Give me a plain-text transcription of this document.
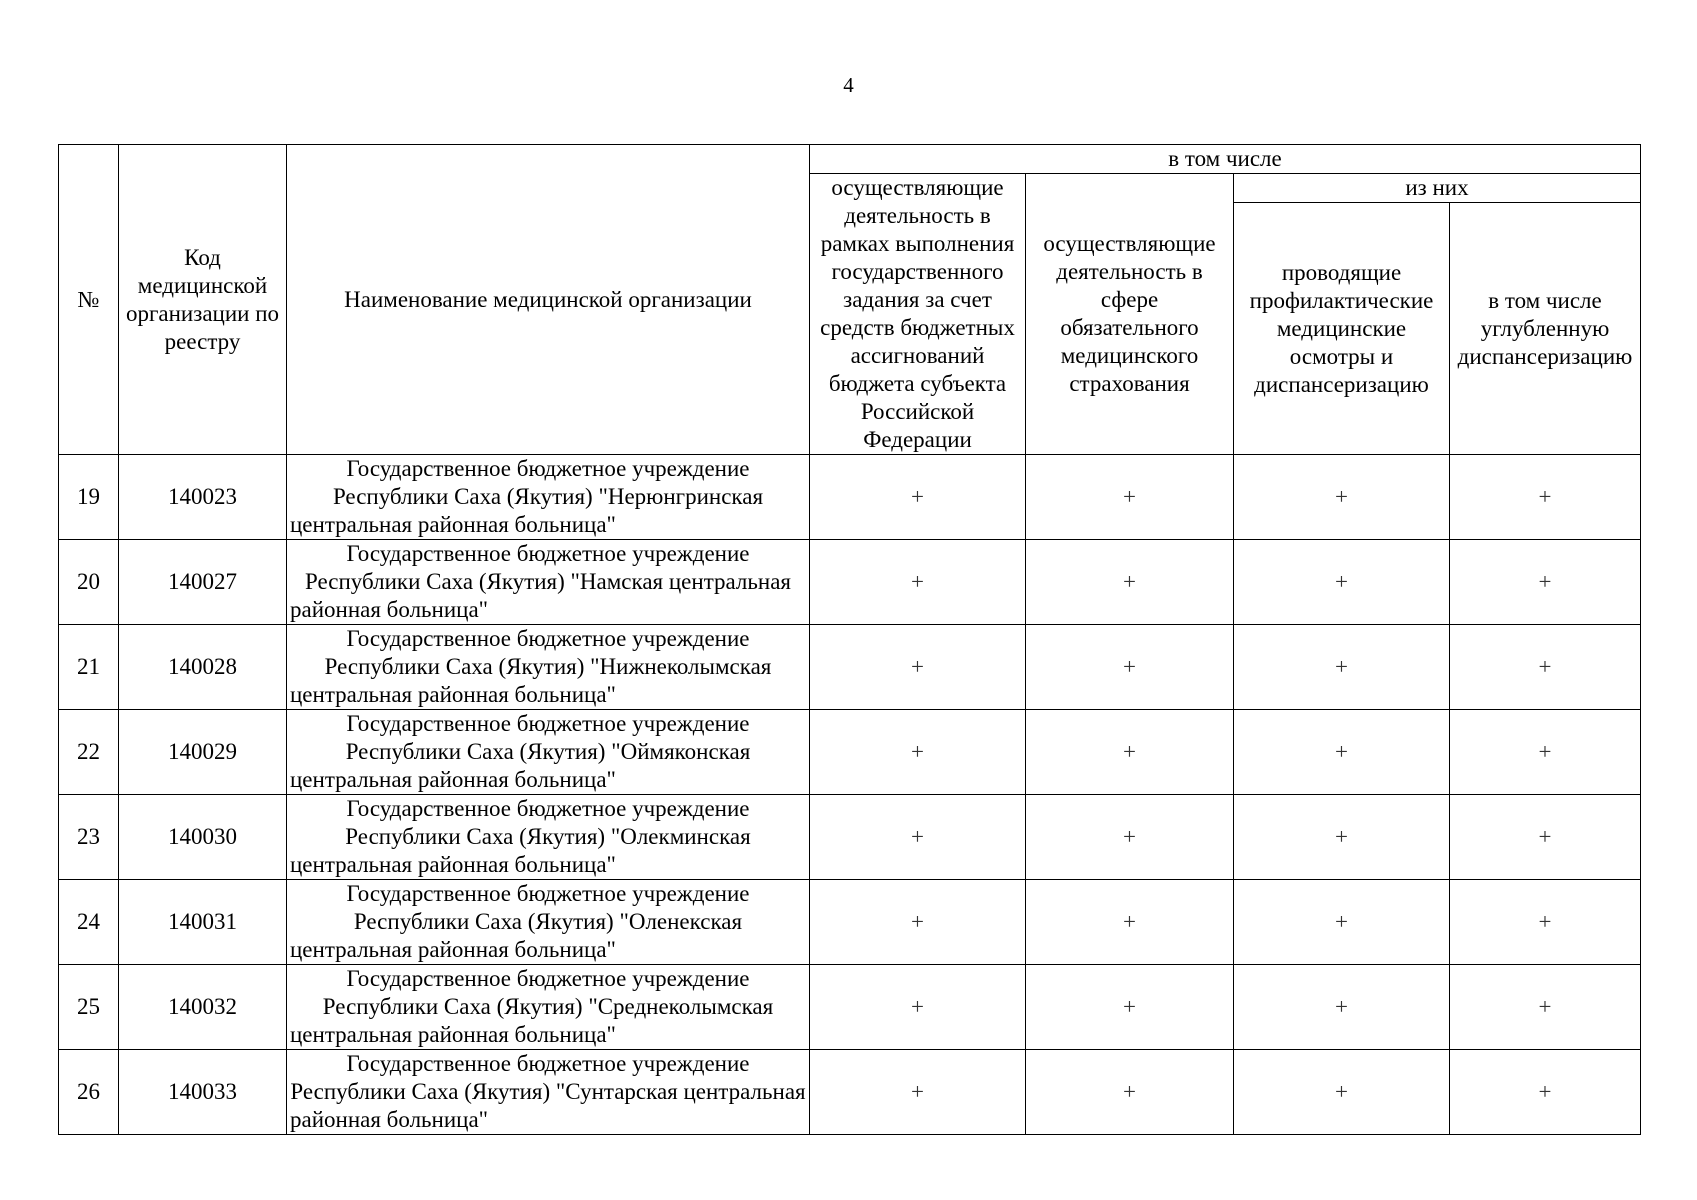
4
№	Код медицинской организации по реестру	Наименование медицинской организации	в том числе			
			осуществляющие деятельность в рамках выполнения государственного задания за счет средств бюджетных ассигнований бюджета субъекта Российской Федерации	осуществляющие деятельность в сфере обязательного медицинского страхования	из них	
					проводящие профилактические медицинские осмотры и диспансеризацию	в том числе углубленную диспансеризацию
19	140023	Государственное бюджетное учреждение Республики Саха (Якутия) "Нерюнгринская центральная районная больница"	+	+	+	+
20	140027	Государственное бюджетное учреждение Республики Саха (Якутия) "Намская центральная районная больница"	+	+	+	+
21	140028	Государственное бюджетное учреждение Республики Саха (Якутия) "Нижнеколымская центральная районная больница"	+	+	+	+
22	140029	Государственное бюджетное учреждение Республики Саха (Якутия) "Оймяконская центральная районная больница"	+	+	+	+
23	140030	Государственное бюджетное учреждение Республики Саха (Якутия) "Олекминская центральная районная больница"	+	+	+	+
24	140031	Государственное бюджетное учреждение Республики Саха (Якутия) "Оленекская центральная районная больница"	+	+	+	+
25	140032	Государственное бюджетное учреждение Республики Саха (Якутия) "Среднеколымская центральная районная больница"	+	+	+	+
26	140033	Государственное бюджетное учреждение Республики Саха (Якутия) "Сунтарская центральная районная больница"	+	+	+	+
